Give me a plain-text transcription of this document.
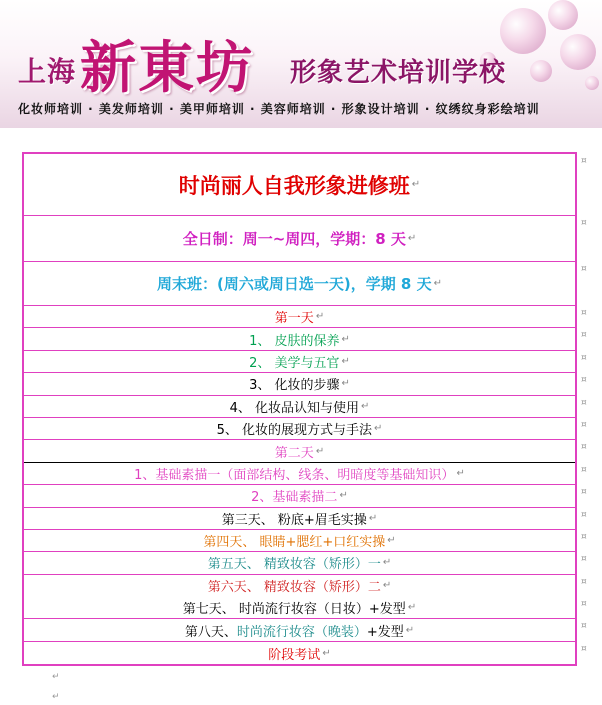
上海 新東坊 形象艺术培训学校
化妆师培训 · 美发师培训 · 美甲师培训 · 美容师培训 · 形象设计培训 · 纹绣纹身彩绘培训
时尚丽人自我形象进修班 ↵
全日制：周一~周四，学期：8 天 ↵
周末班：(周六或周日选一天)，学期 8 天 ↵
第一天 ↵
1、 皮肤的保养 ↵
2、 美学与五官 ↵
3、 化妆的步骤 ↵
4、 化妆品认知与使用 ↵
5、 化妆的展现方式与手法 ↵
第二天 ↵
1、基础素描一（面部结构、线条、明暗度等基础知识） ↵
2、基础素描二 ↵
第三天、 粉底+眉毛实操 ↵
第四天、 眼睛+腮红+口红实操 ↵
第五天、 精致妆容（矫形）一 ↵
第六天、 精致妆容（矫形）二 ↵
第七天、 时尚流行妆容（日妆）+发型 ↵
第八天、 时尚流行妆容（晚装） +发型 ↵
阶段考试 ↵
↵
↵
¤
¤
¤
¤
¤
¤
¤
¤
¤
¤
¤
¤
¤
¤
¤
¤
¤
¤
¤
